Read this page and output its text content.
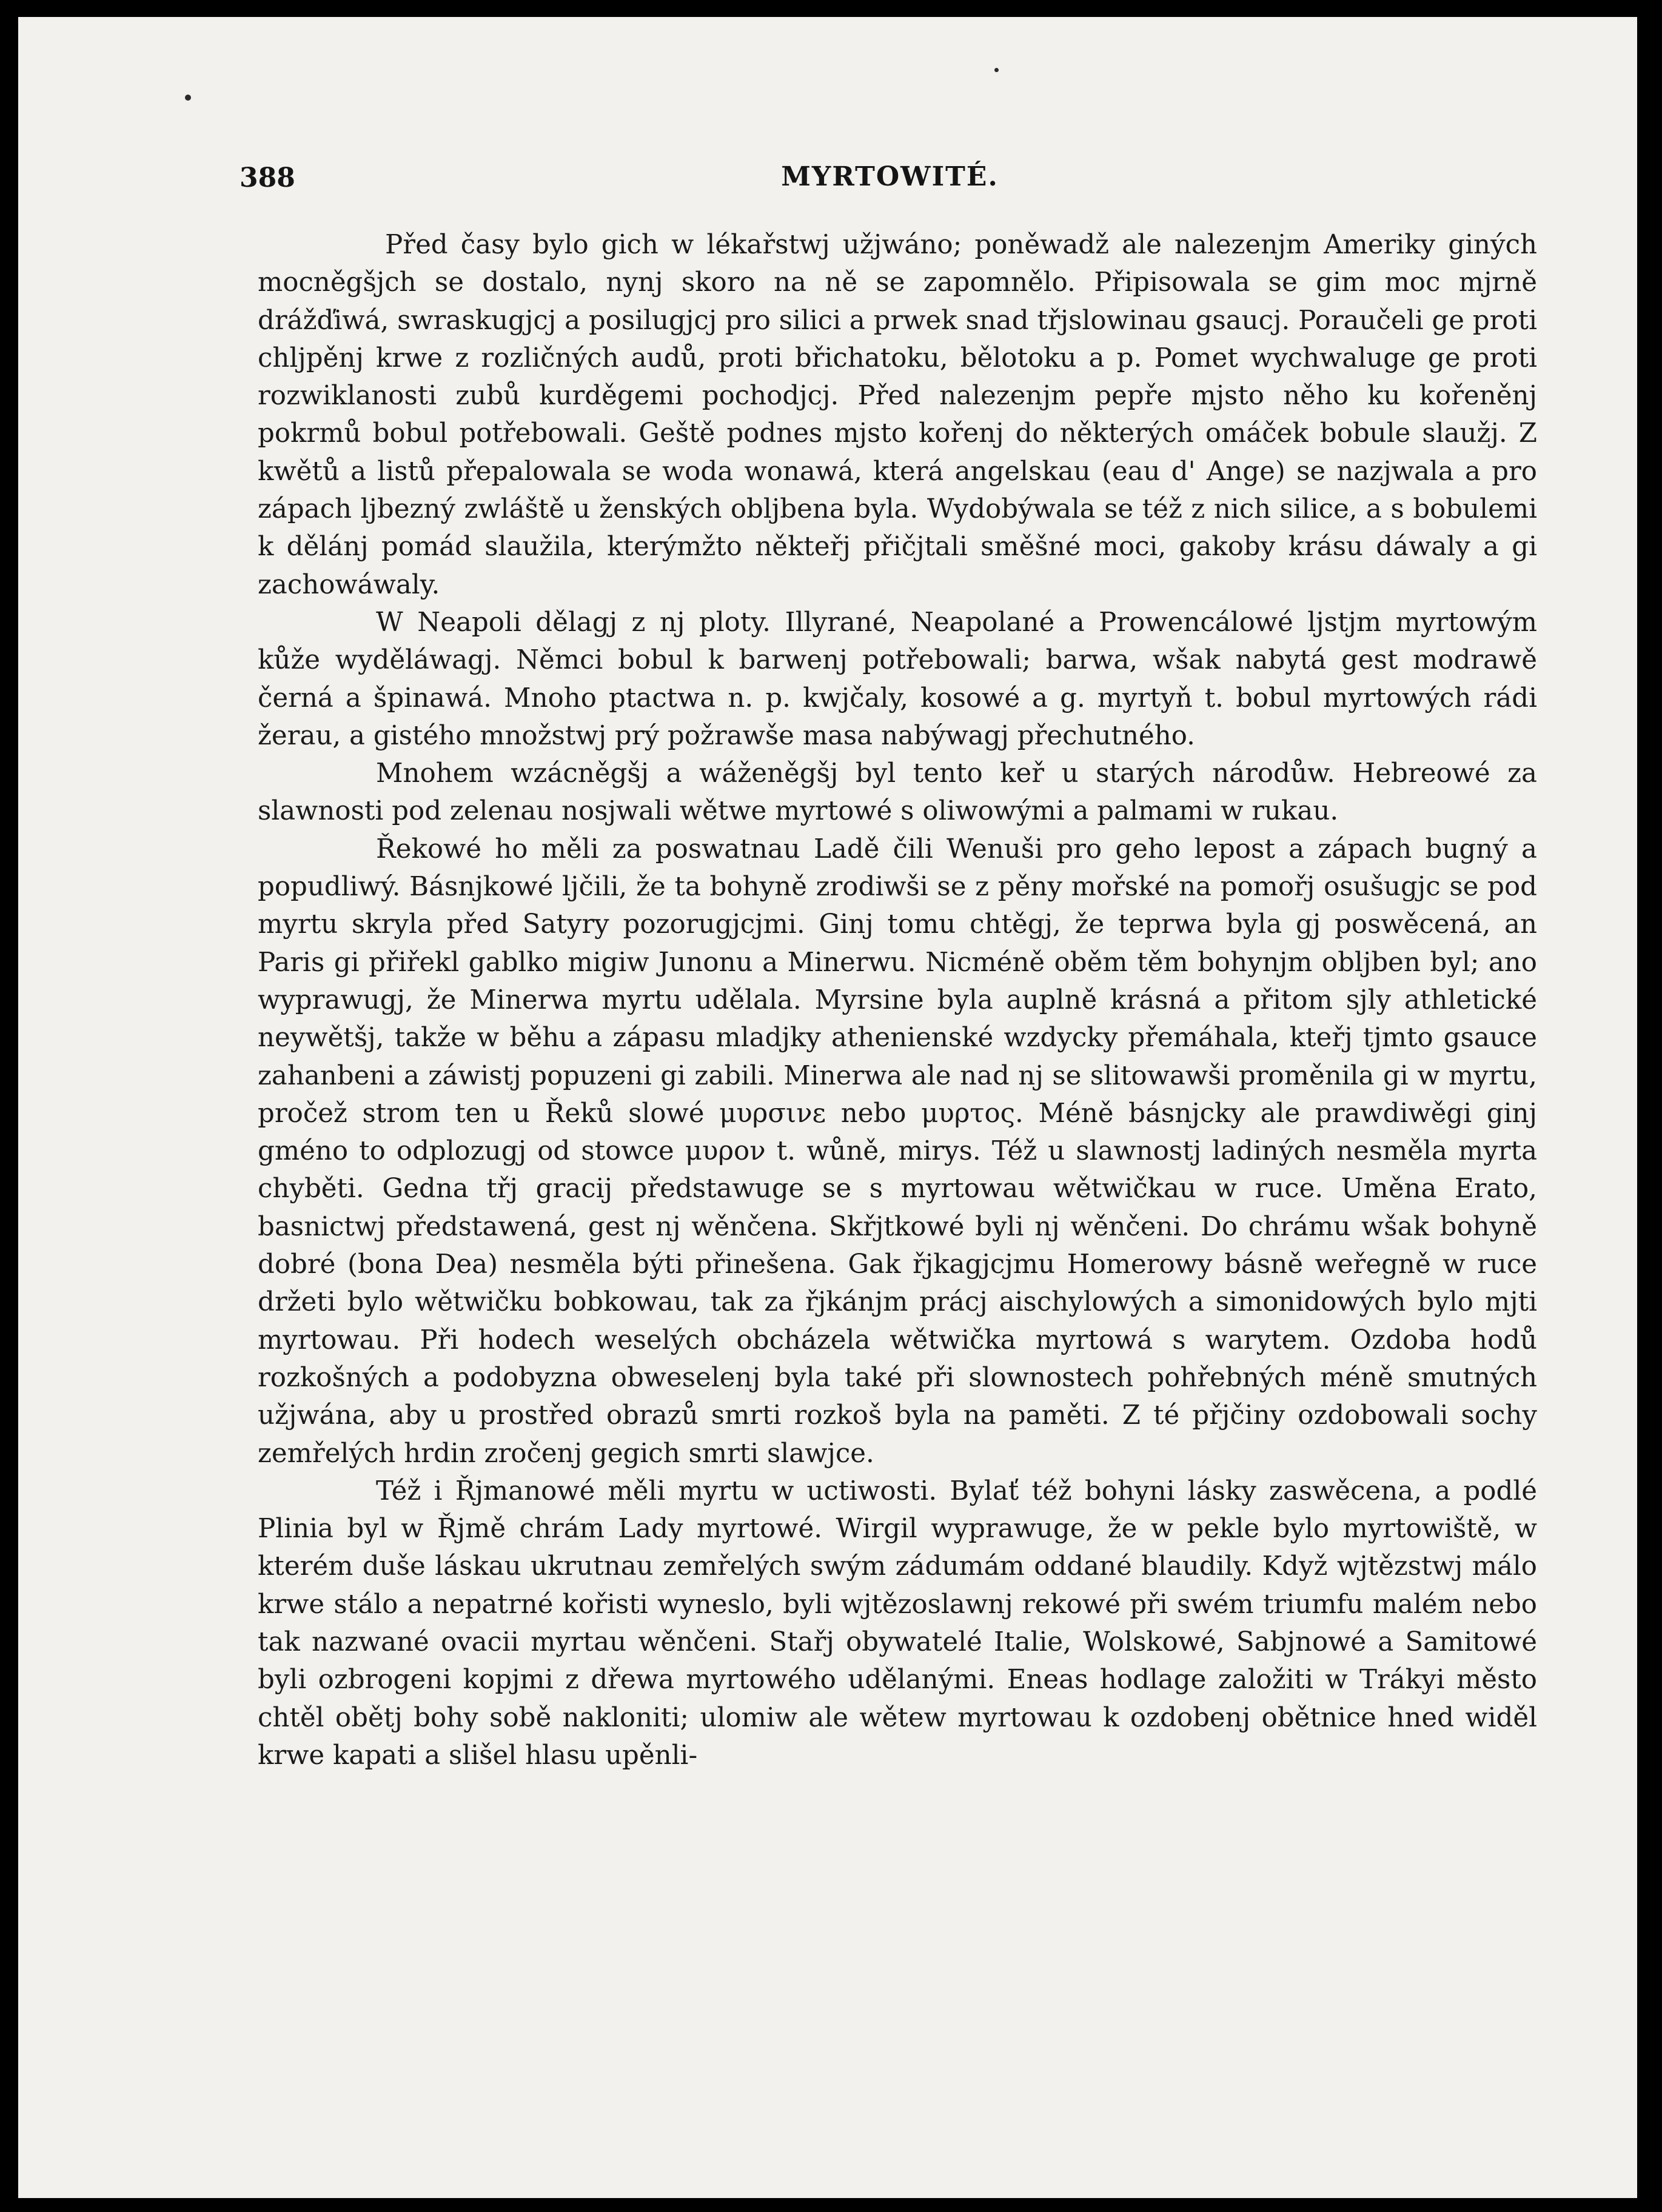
388	MYRTOWITÉ.

Před časy bylo gich w lékařstwj užjwáno; poněwadž ale nalezenjm Ameriky giných mocněgšjch se dostalo, nynj skoro na ně se zapomnělo. Připisowala se gim moc mjrně drážďiwá, swraskugjcj a posilugjcj pro silici a prwek snad třjslowinau gsaucj. Poraučeli ge proti chljpěnj krwe z rozličných audů, proti břichatoku, bělotoku a p. Pomet wychwaluge ge proti rozwiklanosti zubů kurděgemi pochodjcj. Před nalezenjm pepře mjsto něho ku kořeněnj pokrmů bobul potřebowali. Geště podnes mjsto kořenj do některých omáček bobule slaužj. Z kwětů a listů přepalowala se woda wonawá, která angelskau (eau d' Ange) se nazjwala a pro zápach ljbezný zwláště u ženských obljbena byla. Wydobýwala se též z nich silice, a s bobulemi k dělánj pomád slaužila, kterýmžto někteřj přičjtali směšné moci, gakoby krásu dáwaly a gi zachowáwaly.

W Neapoli dělagj z nj ploty. Illyrané, Neapolané a Prowencálowé ljstjm myrtowým kůže wyděláwagj. Němci bobul k barwenj potřebowali; barwa, wšak nabytá gest modrawě černá a špinawá. Mnoho ptactwa n. p. kwjčaly, kosowé a g. myrtyň t. bobul myrtowých rádi žerau, a gistého množstwj prý požrawše masa nabýwagj přechutného.

Mnohem wzácněgšj a wáženěgšj byl tento keř u starých národůw. Hebreowé za slawnosti pod zelenau nosjwali wětwe myrtowé s oliwowými a palmami w rukau.

Řekowé ho měli za poswatnau Ladě čili Wenuši pro geho lepost a zápach bugný a popudliwý. Básnjkowé ljčili, že ta bohyně zrodiwši se z pěny mořské na pomořj osušugjc se pod myrtu skryla před Satyry pozorugjcjmi. Ginj tomu chtěgj, že teprwa byla gj poswěcená, an Paris gi přiřekl gablko migiw Junonu a Minerwu. Nicméně oběm těm bohynjm obljben byl; ano wyprawugj, že Minerwa myrtu udělala. Myrsine byla auplně krásná a přitom sjly athletické neywětšj, takže w běhu a zápasu mladjky athenienské wzdycky přemáhala, kteřj tjmto gsauce zahanbeni a záwistj popuzeni gi zabili. Minerwa ale nad nj se slitowawši proměnila gi w myrtu, pročež strom ten u Řeků slowé μυρσινε nebo μυρτος. Méně básnjcky ale prawdiwěgi ginj gméno to odplozugj od stowce μυρον t. wůně, mirys. Též u slawnostj ladiných nesměla myrta chyběti. Gedna třj gracij předstawuge se s myrtowau wětwičkau w ruce. Uměna Erato, basnictwj předstawená, gest nj wěnčena. Skřjtkowé byli nj wěnčeni. Do chrámu wšak bohyně dobré (bona Dea) nesměla býti přinešena. Gak řjkagjcjmu Homerowy básně weřegně w ruce držeti bylo wětwičku bobkowau, tak za řjkánjm prácj aischylowých a simonidowých bylo mjti myrtowau. Při hodech weselých obcházela wětwička myrtowá s warytem. Ozdoba hodů rozkošných a podobyzna obweselenj byla také při slownostech pohřebných méně smutných užjwána, aby u prostřed obrazů smrti rozkoš byla na paměti. Z té přjčiny ozdobowali sochy zemřelých hrdin zročenj gegich smrti slawjce.

Též i Řjmanowé měli myrtu w uctiwosti. Bylať též bohyni lásky zaswěcena, a podlé Plinia byl w Řjmě chrám Lady myrtowé. Wirgil wyprawuge, že w pekle bylo myrtowiště, w kterém duše láskau ukrutnau zemřelých swým zádumám oddané blaudily. Když wjtězstwj málo krwe stálo a nepatrné kořisti wyneslo, byli wjtězoslawnj rekowé při swém triumfu malém nebo tak nazwané ovacii myrtau wěnčeni. Stařj obywatelé Italie, Wolskowé, Sabjnowé a Samitowé byli ozbrogeni kopjmi z dřewa myrtowého udělanými. Eneas hodlage založiti w Trákyi město chtěl obětj bohy sobě nakloniti; ulomiw ale wětew myrtowau k ozdobenj obětnice hned widěl krwe kapati a slišel hlasu upěnli-
